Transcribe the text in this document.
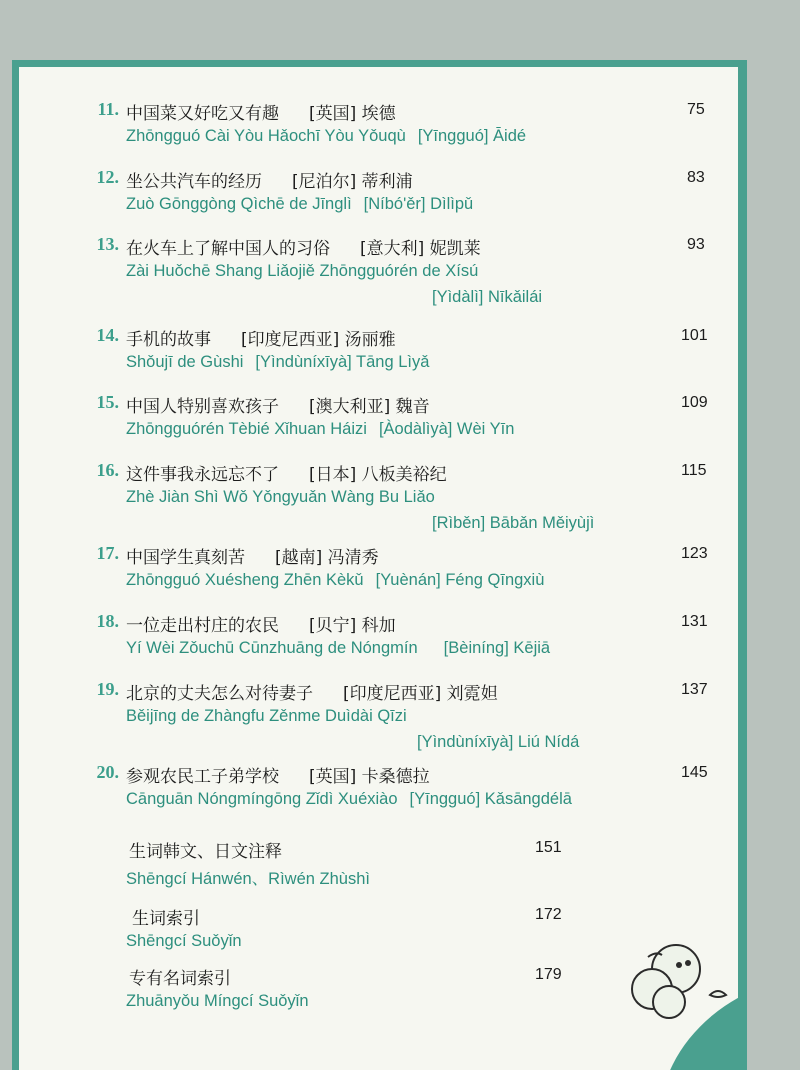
11. 中国菜又好吃又有趣 [英国] 埃德	75
Zhōngguó Cài Yòu Hǎochī Yòu Yǒuqù [Yīngguó] Āidé
12. 坐公共汽车的经历 [尼泊尔] 蒂利浦	83
Zuò Gōnggòng Qìchē de Jīnglì [Níbó'ěr] Dìlìpǔ
13. 在火车上了解中国人的习俗 [意大利] 妮凯莱	93
Zài Huǒchē Shang Liǎojiě Zhōngguórén de Xísú
[Yìdàlì] Nīkǎilái
14. 手机的故事 [印度尼西亚] 汤丽雅	101
Shǒujī de Gùshi [Yìndùníxīyà] Tāng Lìyǎ
15. 中国人特别喜欢孩子 [澳大利亚] 魏音	109
Zhōngguórén Tèbié Xǐhuan Háizi [Àodàlìyà] Wèi Yīn
16. 这件事我永远忘不了 [日本] 八板美裕纪	115
Zhè Jiàn Shì Wǒ Yǒngyuǎn Wàng Bu Liǎo
[Rìběn] Bābǎn Měiyùjì
17. 中国学生真刻苦 [越南] 冯清秀	123
Zhōngguó Xuésheng Zhēn Kèkǔ [Yuènán] Féng Qīngxiù
18. 一位走出村庄的农民 [贝宁] 科加	131
Yí Wèi Zǒuchū Cūnzhuāng de Nóngmín [Bèiníng] Kējiā
19. 北京的丈夫怎么对待妻子 [印度尼西亚] 刘霓妲	137
Běijīng de Zhàngfu Zěnme Duìdài Qīzi
[Yìndùníxīyà] Liú Nídá
20. 参观农民工子弟学校 [英国] 卡桑德拉	145
Cānguān Nóngmíngōng Zǐdì Xuéxiào [Yīngguó] Kǎsāngdélā
生词韩文、日文注释	151
Shēngcí Hánwén、Rìwén Zhùshì
生词索引	172
Shēngcí Suǒyǐn
专有名词索引	179
Zhuānyǒu Míngcí Suǒyǐn
